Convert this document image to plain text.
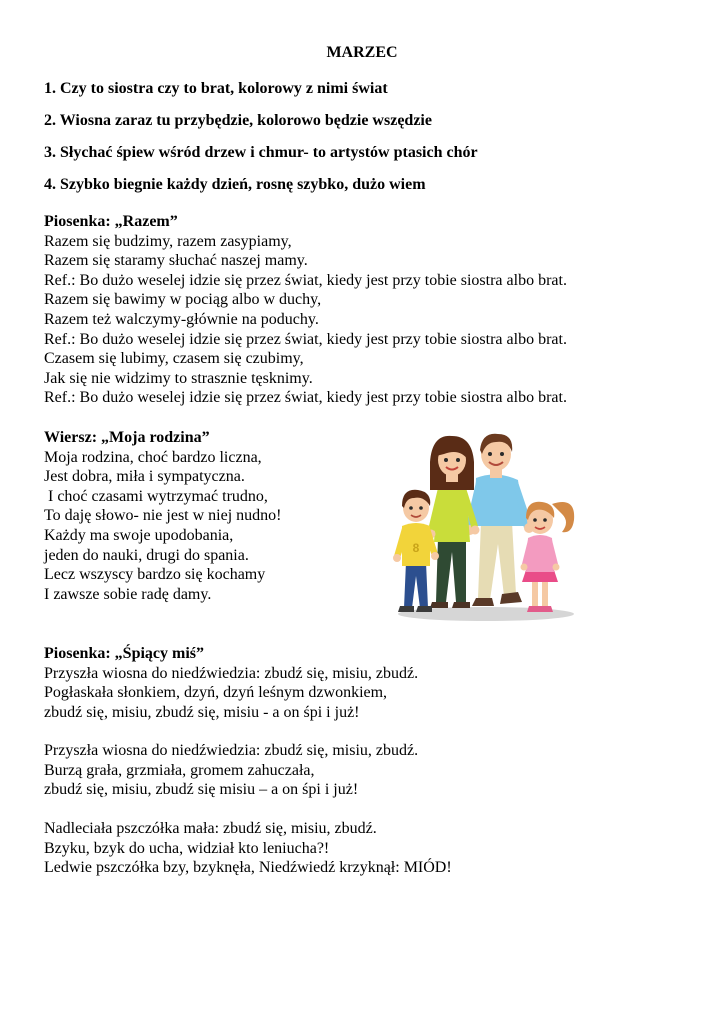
MARZEC
1. Czy to siostra czy to brat, kolorowy z nimi świat
2. Wiosna zaraz tu przybędzie, kolorowo będzie wszędzie
3. Słychać śpiew wśród drzew i chmur- to artystów ptasich chór
4. Szybko biegnie każdy dzień, rosnę szybko, dużo wiem
Piosenka: „Razem”
Razem się budzimy, razem zasypiamy,
Razem się staramy słuchać naszej mamy.
Ref.: Bo dużo weselej idzie się przez świat, kiedy jest przy tobie siostra albo brat.
Razem się bawimy w pociąg albo w duchy,
Razem też walczymy-głównie na poduchy.
Ref.: Bo dużo weselej idzie się przez świat, kiedy jest przy tobie siostra albo brat.
Czasem się lubimy, czasem się czubimy,
Jak się nie widzimy to strasznie tęsknimy.
Ref.: Bo dużo weselej idzie się przez świat, kiedy jest przy tobie siostra albo brat.
Wiersz: „Moja rodzina”
Moja rodzina, choć bardzo liczna,
Jest dobra, miła i sympatyczna.
I choć czasami wytrzymać trudno,
To daję słowo- nie jest w niej nudno!
Każdy ma swoje upodobania,
jeden do nauki, drugi do spania.
Lecz wszyscy bardzo się kochamy
I zawsze sobie radę damy.
8
Piosenka: „Śpiący miś”
Przyszła wiosna do niedźwiedzia: zbudź się, misiu, zbudź.
Pogłaskała słonkiem, dzyń, dzyń leśnym dzwonkiem,
zbudź się, misiu, zbudź się, misiu - a on śpi i już!
Przyszła wiosna do niedźwiedzia: zbudź się, misiu, zbudź.
Burzą grała, grzmiała, gromem zahuczała,
zbudź się, misiu, zbudź się misiu – a on śpi i już!
Nadleciała pszczółka mała: zbudź się, misiu, zbudź.
Bzyku, bzyk do ucha, widział kto leniucha?!
Ledwie pszczółka bzy, bzyknęła, Niedźwiedź krzyknął: MIÓD!
